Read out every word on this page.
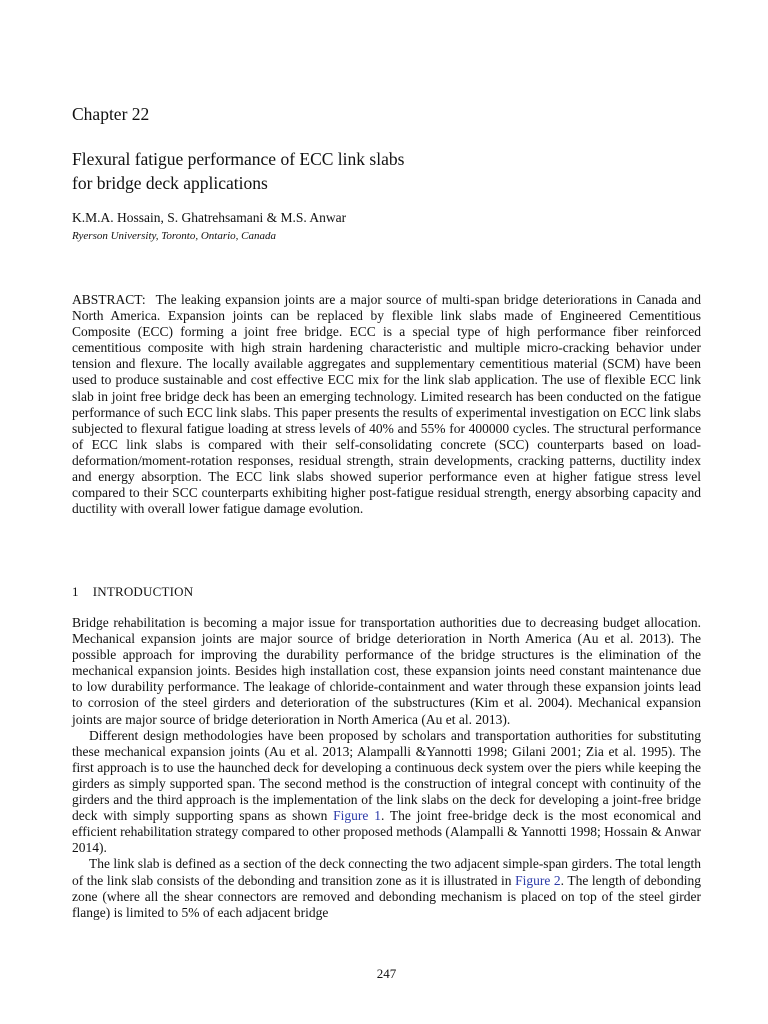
Chapter 22
Flexural fatigue performance of ECC link slabs
for bridge deck applications
K.M.A. Hossain, S. Ghatrehsamani & M.S. Anwar
Ryerson University, Toronto, Ontario, Canada

ABSTRACT: The leaking expansion joints are a major source of multi-span bridge deteriorations in Canada and North America. Expansion joints can be replaced by flexible link slabs made of Engineered Cementitious Composite (ECC) forming a joint free bridge. ECC is a special type of high performance fiber reinforced cementitious composite with high strain hardening characteristic and multiple micro-cracking behavior under tension and flexure. The locally available aggregates and supplementary cementitious material (SCM) have been used to produce sustainable and cost effective ECC mix for the link slab application. The use of flexible ECC link slab in joint free bridge deck has been an emerging technology. Limited research has been conducted on the fatigue performance of such ECC link slabs. This paper presents the results of experimental investigation on ECC link slabs subjected to flexural fatigue loading at stress levels of 40% and 55% for 400000 cycles. The structural performance of ECC link slabs is compared with their self-consolidating concrete (SCC) counterparts based on load-deformation/moment-rotation responses, residual strength, strain developments, cracking patterns, ductility index and energy absorption. The ECC link slabs showed superior performance even at higher fatigue stress level compared to their SCC counterparts exhibiting higher post-fatigue residual strength, energy absorbing capacity and ductility with overall lower fatigue damage evolution.

1 INTRODUCTION

Bridge rehabilitation is becoming a major issue for transportation authorities due to decreasing budget allocation. Mechanical expansion joints are major source of bridge deterioration in North America (Au et al. 2013). The possible approach for improving the durability performance of the bridge structures is the elimination of the mechanical expansion joints. Besides high installation cost, these expansion joints need constant maintenance due to low durability performance. The leakage of chloride-containment and water through these expansion joints lead to corrosion of the steel girders and deterioration of the substructures (Kim et al. 2004). Mechanical expansion joints are major source of bridge deterioration in North America (Au et al. 2013).

Different design methodologies have been proposed by scholars and transportation authorities for substituting these mechanical expansion joints (Au et al. 2013; Alampalli &Yannotti 1998; Gilani 2001; Zia et al. 1995). The first approach is to use the haunched deck for developing a continuous deck system over the piers while keeping the girders as simply supported span. The second method is the construction of integral concept with continuity of the girders and the third approach is the implementation of the link slabs on the deck for developing a joint-free bridge deck with simply supporting spans as shown Figure 1. The joint free-bridge deck is the most economical and efficient rehabilitation strategy compared to other proposed methods (Alampalli & Yannotti 1998; Hossain & Anwar 2014).

The link slab is defined as a section of the deck connecting the two adjacent simple-span girders. The total length of the link slab consists of the debonding and transition zone as it is illustrated in Figure 2. The length of debonding zone (where all the shear connectors are removed and debonding mechanism is placed on top of the steel girder flange) is limited to 5% of each adjacent bridge

247
